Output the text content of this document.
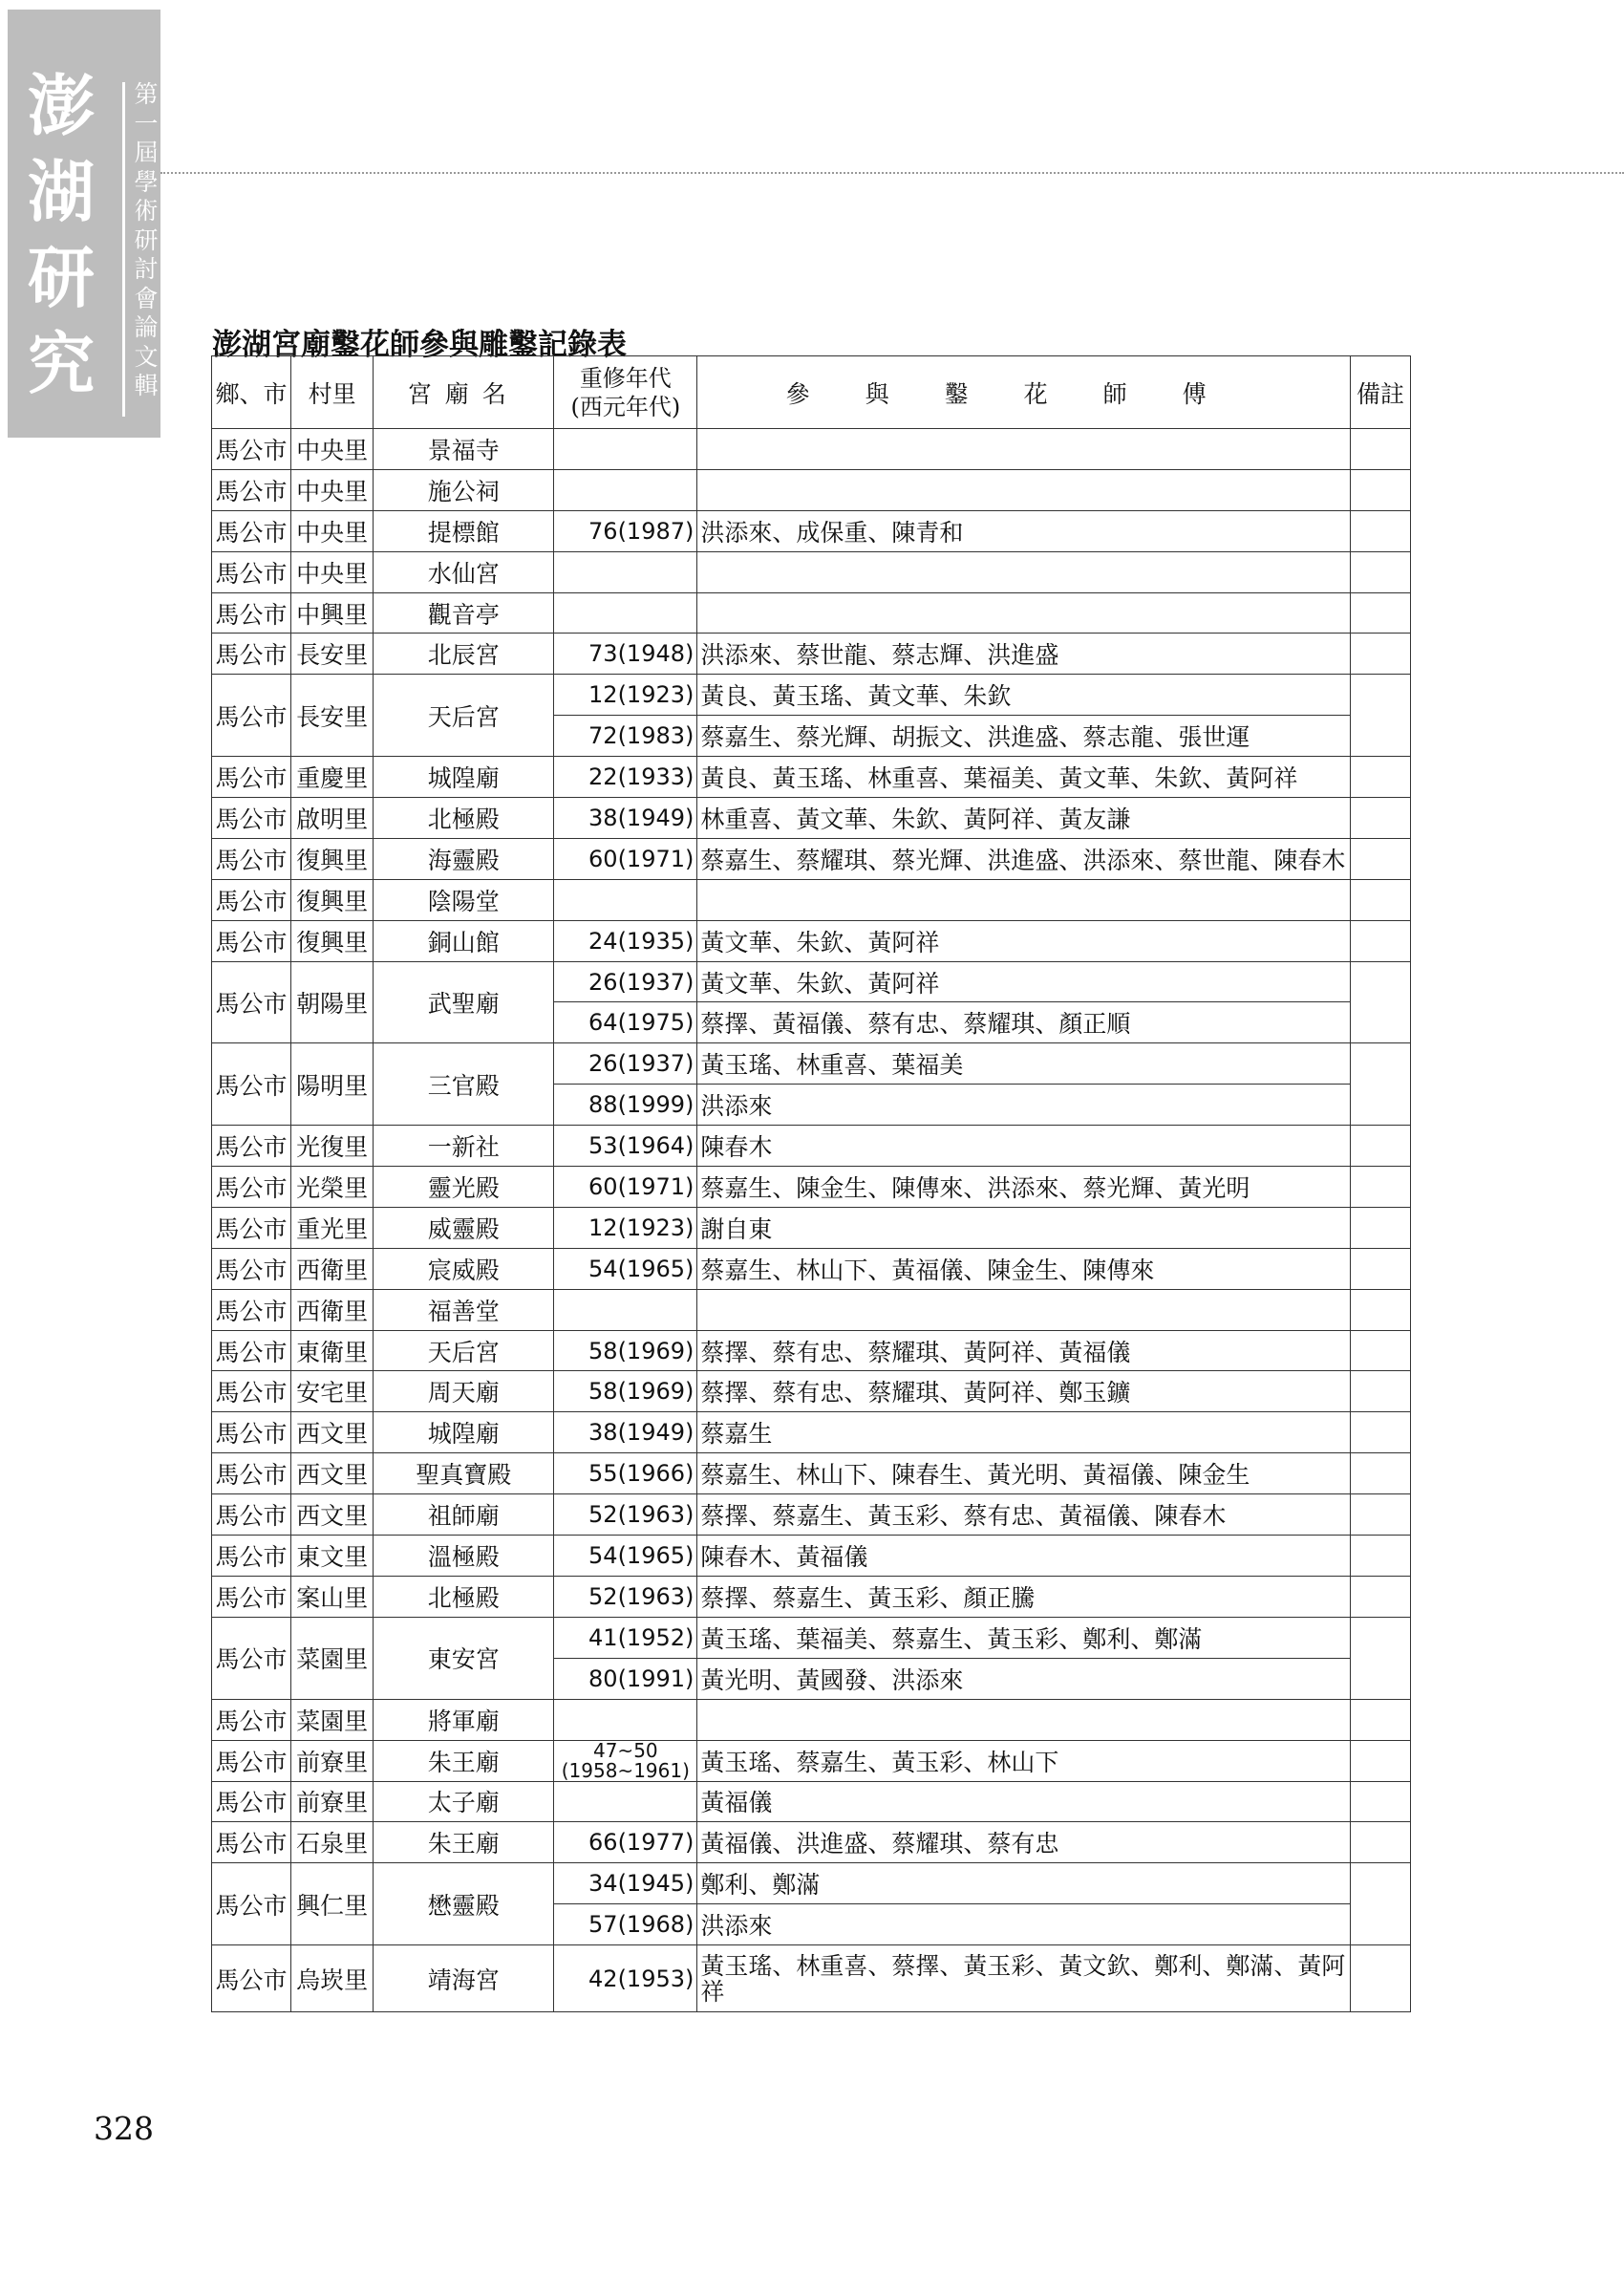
澎
湖
研
究
第
一
屆
學
術
研
討
會
論
文
輯
澎湖宮廟鑿花師參與雕鑿記錄表
鄉、市	村里	宮廟名	重修年代
(西元年代)	參與鑿花師傅	備註
馬公市	中央里	景福寺			
馬公市	中央里	施公祠			
馬公市	中央里	提標館	76(1987)	洪添來、成保重、陳青和	
馬公市	中央里	水仙宮			
馬公市	中興里	觀音亭			
馬公市	長安里	北辰宮	73(1948)	洪添來、蔡世龍、蔡志輝、洪進盛	
馬公市	長安里	天后宮	12(1923)	黃良、黃玉瑤、黃文華、朱欽	
			72(1983)	蔡嘉生、蔡光輝、胡振文、洪進盛、蔡志龍、張世運	
馬公市	重慶里	城隍廟	22(1933)	黃良、黃玉瑤、林重喜、葉福美、黃文華、朱欽、黃阿祥	
馬公市	啟明里	北極殿	38(1949)	林重喜、黃文華、朱欽、黃阿祥、黃友謙	
馬公市	復興里	海靈殿	60(1971)	蔡嘉生、蔡耀琪、蔡光輝、洪進盛、洪添來、蔡世龍、陳春木	
馬公市	復興里	陰陽堂			
馬公市	復興里	銅山館	24(1935)	黃文華、朱欽、黃阿祥	
馬公市	朝陽里	武聖廟	26(1937)	黃文華、朱欽、黃阿祥	
			64(1975)	蔡擇、黃福儀、蔡有忠、蔡耀琪、顏正順	
馬公市	陽明里	三官殿	26(1937)	黃玉瑤、林重喜、葉福美	
			88(1999)	洪添來	
馬公市	光復里	一新社	53(1964)	陳春木	
馬公市	光榮里	靈光殿	60(1971)	蔡嘉生、陳金生、陳傳來、洪添來、蔡光輝、黃光明	
馬公市	重光里	威靈殿	12(1923)	謝自東	
馬公市	西衛里	宸威殿	54(1965)	蔡嘉生、林山下、黃福儀、陳金生、陳傳來	
馬公市	西衛里	福善堂			
馬公市	東衛里	天后宮	58(1969)	蔡擇、蔡有忠、蔡耀琪、黃阿祥、黃福儀	
馬公市	安宅里	周天廟	58(1969)	蔡擇、蔡有忠、蔡耀琪、黃阿祥、鄭玉鑛	
馬公市	西文里	城隍廟	38(1949)	蔡嘉生	
馬公市	西文里	聖真寶殿	55(1966)	蔡嘉生、林山下、陳春生、黃光明、黃福儀、陳金生	
馬公市	西文里	祖師廟	52(1963)	蔡擇、蔡嘉生、黃玉彩、蔡有忠、黃福儀、陳春木	
馬公市	東文里	溫極殿	54(1965)	陳春木、黃福儀	
馬公市	案山里	北極殿	52(1963)	蔡擇、蔡嘉生、黃玉彩、顏正騰	
馬公市	菜園里	東安宮	41(1952)	黃玉瑤、葉福美、蔡嘉生、黃玉彩、鄭利、鄭滿	
			80(1991)	黃光明、黃國發、洪添來	
馬公市	菜園里	將軍廟			
馬公市	前寮里	朱王廟	47~50
(1958~1961)	黃玉瑤、蔡嘉生、黃玉彩、林山下	
馬公市	前寮里	太子廟		黃福儀	
馬公市	石泉里	朱王廟	66(1977)	黃福儀、洪進盛、蔡耀琪、蔡有忠	
馬公市	興仁里	懋靈殿	34(1945)	鄭利、鄭滿	
			57(1968)	洪添來	
馬公市	烏崁里	靖海宮	42(1953)	黃玉瑤、林重喜、蔡擇、黃玉彩、黃文欽、鄭利、鄭滿、黃阿祥	
328
